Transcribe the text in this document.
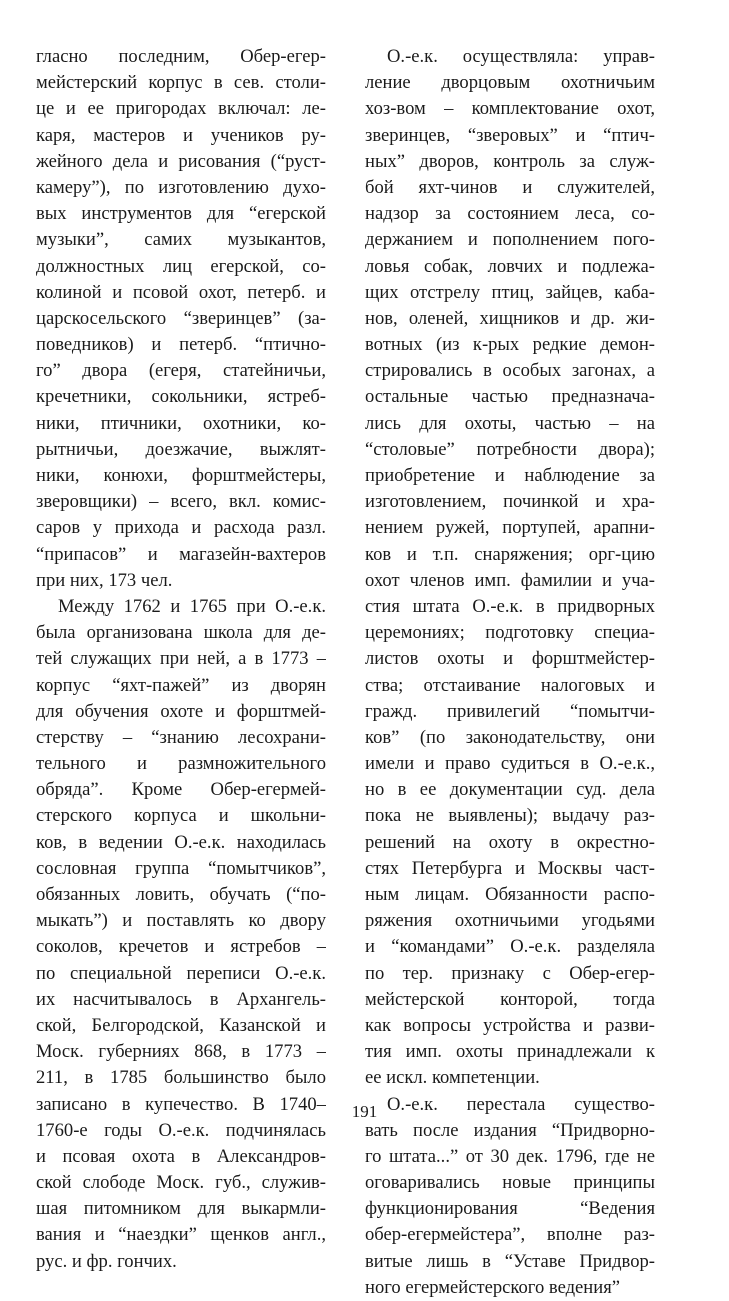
гласно последним, Обер-егер-
мейстерский корпус в сев. столи-
це и ее пригородах включал: ле-
каря, мастеров и учеников ру-
жейного дела и рисования (“руст-
камеру”), по изготовлению духо-
вых инструментов для “егерской
музыки”, самих музыкантов,
должностных лиц егерской, со-
колиной и псовой охот, петерб. и
царскосельского “зверинцев” (за-
поведников) и петерб. “птично-
го” двора (егеря, статейничьи,
кречетники, сокольники, ястреб-
ники, птичники, охотники, ко-
рытничьи, доезжачие, выжлят-
ники, конюхи, форштмейстеры,
зверовщики) – всего, вкл. комис-
саров у прихода и расхода разл.
“припасов” и магазейн-вахтеров
при них, 173 чел.
Между 1762 и 1765 при О.-е.к.
была организована школа для де-
тей служащих при ней, а в 1773 –
корпус “яхт-пажей” из дворян
для обучения охоте и форштмей-
стерству – “знанию лесохрани-
тельного и размножительного
обряда”. Кроме Обер-егермей-
стерского корпуса и школьни-
ков, в ведении О.-е.к. находилась
сословная группа “помытчиков”,
обязанных ловить, обучать (“по-
мыкать”) и поставлять ко двору
соколов, кречетов и ястребов –
по специальной переписи О.-е.к.
их насчитывалось в Архангель-
ской, Белгородской, Казанской и
Моск. губерниях 868, в 1773 –
211, в 1785 большинство было
записано в купечество. В 1740–
1760-е годы О.-е.к. подчинялась
и псовая охота в Александров-
ской слободе Моск. губ., служив-
шая питомником для выкармли-
вания и “наездки” щенков англ.,
рус. и фр. гончих.
О.-е.к. осуществляла: управ-
ление дворцовым охотничьим
хоз-вом – комплектование охот,
зверинцев, “зверовых” и “птич-
ных” дворов, контроль за служ-
бой яхт-чинов и служителей,
надзор за состоянием леса, со-
держанием и пополнением пого-
ловья собак, ловчих и подлежа-
щих отстрелу птиц, зайцев, каба-
нов, оленей, хищников и др. жи-
вотных (из к-рых редкие демон-
стрировались в особых загонах, а
остальные частью предназнача-
лись для охоты, частью – на
“столовые” потребности двора);
приобретение и наблюдение за
изготовлением, починкой и хра-
нением ружей, портупей, арапни-
ков и т.п. снаряжения; орг-цию
охот членов имп. фамилии и уча-
стия штата О.-е.к. в придворных
церемониях; подготовку специа-
листов охоты и форштмейстер-
ства; отстаивание налоговых и
гражд. привилегий “помытчи-
ков” (по законодательству, они
имели и право судиться в О.-е.к.,
но в ее документации суд. дела
пока не выявлены); выдачу раз-
решений на охоту в окрестно-
стях Петербурга и Москвы част-
ным лицам. Обязанности распо-
ряжения охотничьими угодьями
и “командами” О.-е.к. разделяла
по тер. признаку с Обер-егер-
мейстерской конторой, тогда
как вопросы устройства и разви-
тия имп. охоты принадлежали к
ее искл. компетенции.
О.-е.к. перестала существо-
вать после издания “Придворно-
го штата...” от 30 дек. 1796, где не
оговаривались новые принципы
функционирования “Ведения
обер-егермейстера”, вполне раз-
витые лишь в “Уставе Придвор-
ного егермейстерского ведения”
191
